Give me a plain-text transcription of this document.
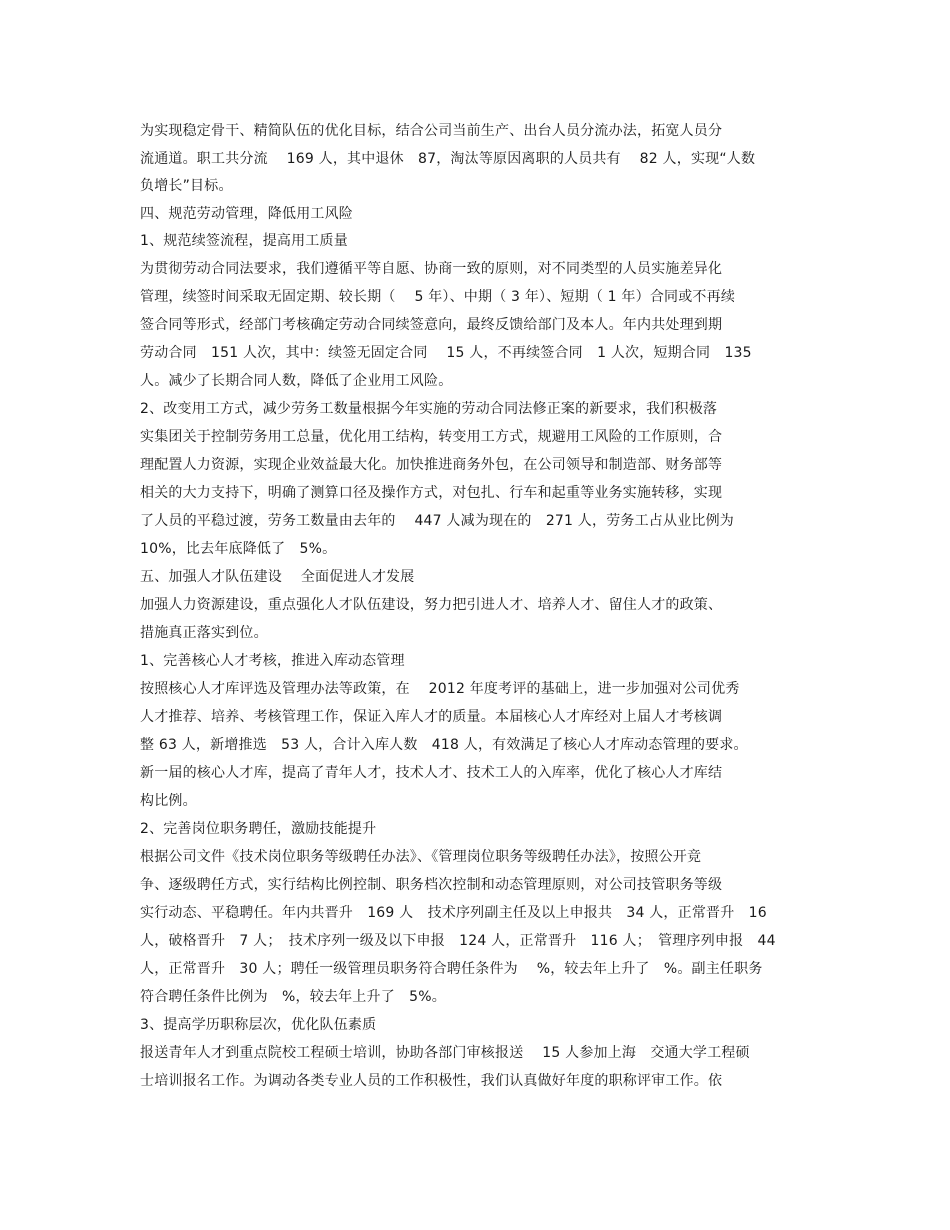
为实现稳定骨干、精简队伍的优化目标，结合公司当前生产、出台人员分流办法，拓宽人员分
流通道。职工共分流　 169 人，其中退休　87，淘汰等原因离职的人员共有　 82 人，实现“人数
负增长”目标。
四、规范劳动管理，降低用工风险
1、规范续签流程，提高用工质量
为贯彻劳动合同法要求，我们遵循平等自愿、协商一致的原则，对不同类型的人员实施差异化
管理，续签时间采取无固定期、较长期（　 5 年）、中期（ 3 年）、短期（ 1 年）合同或不再续
签合同等形式，经部门考核确定劳动合同续签意向，最终反馈给部门及本人。年内共处理到期
劳动合同　151 人次，其中：续签无固定合同　 15 人，不再续签合同　1 人次，短期合同　135
人。减少了长期合同人数，降低了企业用工风险。
2、改变用工方式，减少劳务工数量根据今年实施的劳动合同法修正案的新要求，我们积极落
实集团关于控制劳务用工总量，优化用工结构，转变用工方式，规避用工风险的工作原则，合
理配置人力资源，实现企业效益最大化。加快推进商务外包，在公司领导和制造部、财务部等
相关的大力支持下，明确了测算口径及操作方式，对包扎、行车和起重等业务实施转移，实现
了人员的平稳过渡，劳务工数量由去年的　 447 人减为现在的　271 人，劳务工占从业比例为
10%，比去年底降低了　5%。
五、加强人才队伍建设　 全面促进人才发展
加强人力资源建设，重点强化人才队伍建设，努力把引进人才、培养人才、留住人才的政策、
措施真正落实到位。
1、完善核心人才考核，推进入库动态管理
按照核心人才库评选及管理办法等政策，在　 2012 年度考评的基础上，进一步加强对公司优秀
人才推荐、培养、考核管理工作，保证入库人才的质量。本届核心人才库经对上届人才考核调
整 63 人，新增推选　53 人，合计入库人数　418 人，有效满足了核心人才库动态管理的要求。
新一届的核心人才库，提高了青年人才，技术人才、技术工人的入库率，优化了核心人才库结
构比例。
2、完善岗位职务聘任，激励技能提升
根据公司文件《技术岗位职务等级聘任办法》、《管理岗位职务等级聘任办法》，按照公开竞
争、逐级聘任方式，实行结构比例控制、职务档次控制和动态管理原则，对公司技管职务等级
实行动态、平稳聘任。年内共晋升　169 人　技术序列副主任及以上申报共　34 人，正常晋升　16
人，破格晋升　7 人；　技术序列一级及以下申报　124 人，正常晋升　116 人；　管理序列申报　44
人，正常晋升　30 人；聘任一级管理员职务符合聘任条件为　 %，较去年上升了　%。副主任职务
符合聘任条件比例为　%，较去年上升了　5%。
3、提高学历职称层次，优化队伍素质
报送青年人才到重点院校工程硕士培训，协助各部门审核报送　 15 人参加上海　交通大学工程硕
士培训报名工作。为调动各类专业人员的工作积极性，我们认真做好年度的职称评审工作。依
